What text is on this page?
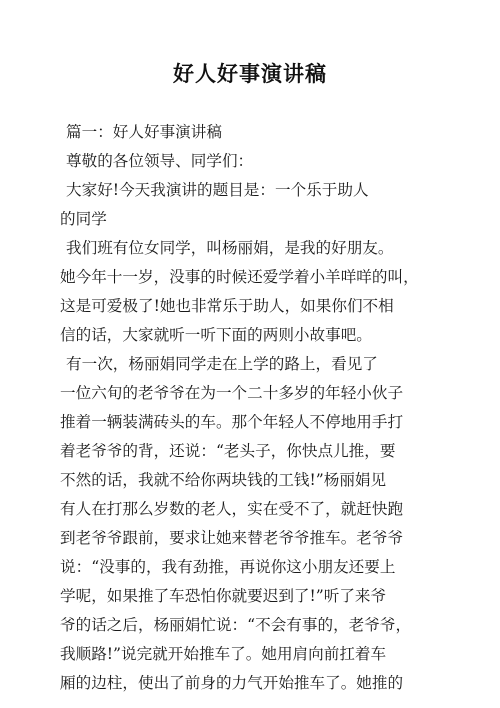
好人好事演讲稿
篇一：好人好事演讲稿
尊敬的各位领导、同学们：
大家好!今天我演讲的题目是：一个乐于助人
的同学
我们班有位女同学，叫杨丽娟，是我的好朋友。
她今年十一岁，没事的时候还爱学着小羊咩咩的叫，
这是可爱极了!她也非常乐于助人，如果你们不相
信的话，大家就听一听下面的两则小故事吧。
有一次，杨丽娟同学走在上学的路上，看见了
一位六旬的老爷爷在为一个二十多岁的年轻小伙子
推着一辆装满砖头的车。那个年轻人不停地用手打
着老爷爷的背，还说：“老头子，你快点儿推，要
不然的话，我就不给你两块钱的工钱!”杨丽娟见
有人在打那么岁数的老人，实在受不了，就赶快跑
到老爷爷跟前，要求让她来替老爷爷推车。老爷爷
说：“没事的，我有劲推，再说你这小朋友还要上
学呢，如果推了车恐怕你就要迟到了!”听了来爷
爷的话之后，杨丽娟忙说：“不会有事的，老爷爷，
我顺路!”说完就开始推车了。她用肩向前扛着车
厢的边柱，使出了前身的力气开始推车了。她推的
